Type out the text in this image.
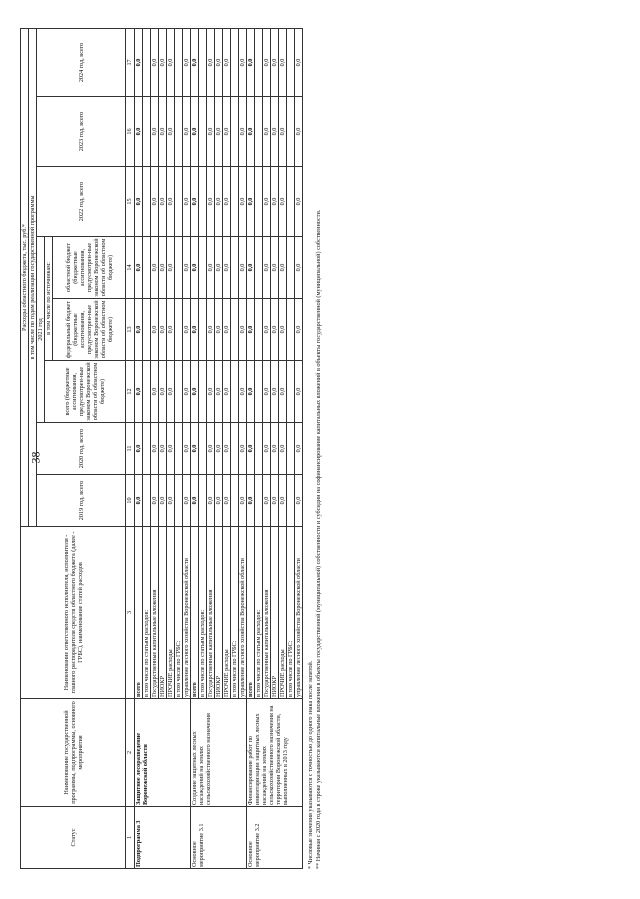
38
Статус	Наименование государственной программы, подпрограммы, основного мероприятия	Наименование ответственного исполнителя, исполнителя - главного распорядителя средств областного бюджета (далее - ГРБС), наименование статей расходов	Расходы областного бюджета, тыс. руб.*							
			в том числе по годам реализации государственной программы							
			2019 год, всего	2020 год, всего	2021 год			2022 год, всего	2023 год, всего	2024 год, всего
					всего (бюджетные ассигнования, предусмотрен-ные законом Воронежской области об областном бюджете)	в том числе по источникам:				
						федеральный бюджет (бюджетные ассигнования, предусмотрен-ные законом Воронежской области об областном бюджете)	областной бюджет (бюджетные ассигнования, предусмотрен-ные законом Воронежской области об областном бюджете)			
1	2	3	10	11	12	13	14	15	16	17
Подпрограмма 3	Защитное лесоразведение Воронежской области	всего	0,0	0,0	0,0	0,0	0,0	0,0	0,0	0,0
		в том числе по статьям расходов:								
		Государственные капитальные вложения	0,0	0,0	0,0	0,0	0,0	0,0	0,0	0,0
		НИОКР	0,0	0,0	0,0	0,0	0,0	0,0	0,0	0,0
		ПРОЧИЕ расходы	0,0	0,0	0,0	0,0	0,0	0,0	0,0	0,0
		в том числе по ГРБС:								
		управление лесного хозяйства Воронежской области	0,0	0,0	0,0	0,0	0,0	0,0	0,0	0,0
Основное мероприятие 3.1	Создание защитных лесных насаждений на землях сельскохозяйственного назначения	всего	0,0	0,0	0,0	0,0	0,0	0,0	0,0	0,0
		в том числе по статьям расходов:								
		Государственные капитальные вложения	0,0	0,0	0,0	0,0	0,0	0,0	0,0	0,0
		НИОКР	0,0	0,0	0,0	0,0	0,0	0,0	0,0	0,0
		ПРОЧИЕ расходы	0,0	0,0	0,0	0,0	0,0	0,0	0,0	0,0
		в том числе по ГРБС:								
		управление лесного хозяйства Воронежской области	0,0	0,0	0,0	0,0	0,0	0,0	0,0	0,0
Основное мероприятие 3.2	Финансирование работ по инвентаризации защитных лесных насаждений на землях сельскохозяйственного назначения на территории Воронежской области, выполненных в 2013 году	всего	0,0	0,0	0,0	0,0	0,0	0,0	0,0	0,0
		в том числе по статьям расходов:								
		Государственные капитальные вложения	0,0	0,0	0,0	0,0	0,0	0,0	0,0	0,0
		НИОКР	0,0	0,0	0,0	0,0	0,0	0,0	0,0	0,0
		ПРОЧИЕ расходы	0,0	0,0	0,0	0,0	0,0	0,0	0,0	0,0
		в том числе по ГРБС:								
		управление лесного хозяйства Воронежской области	0,0	0,0	0,0	0,0	0,0	0,0	0,0	0,0
* Числовые значения указываются с точностью до одного знака после запятой. ** Начиная с 2020 года в строке указываются капитальные вложения в объекты государственной (муниципальной) собственности и субсидии на софинансирование капитальных вложений в объекты государственной (муниципальной) собственности.
